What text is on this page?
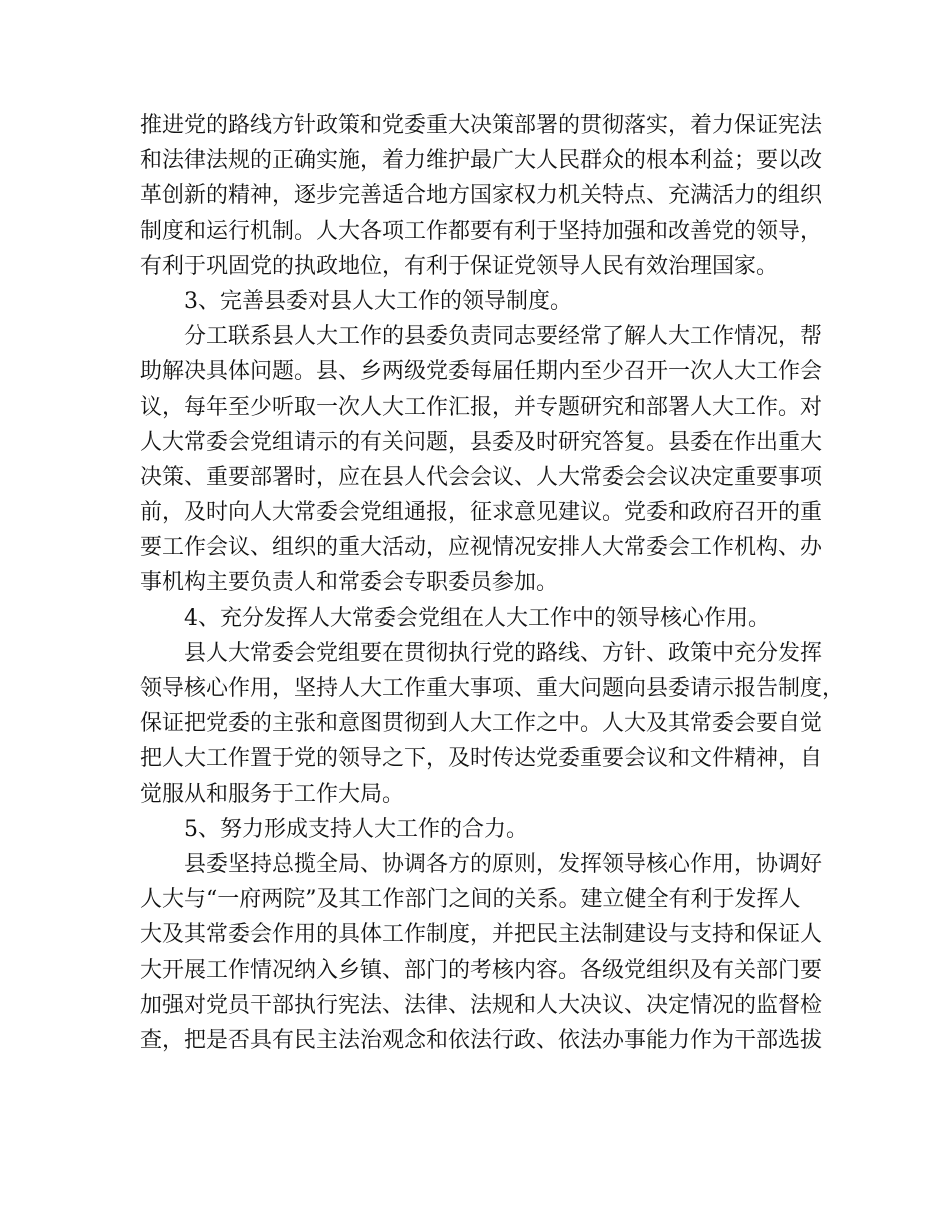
推进党的路线方针政策和党委重大决策部署的贯彻落实，着力保证宪法
和法律法规的正确实施，着力维护最广大人民群众的根本利益；要以改
革创新的精神，逐步完善适合地方国家权力机关特点、充满活力的组织
制度和运行机制。人大各项工作都要有利于坚持加强和改善党的领导，
有利于巩固党的执政地位，有利于保证党领导人民有效治理国家。
3、完善县委对县人大工作的领导制度。
分工联系县人大工作的县委负责同志要经常了解人大工作情况，帮
助解决具体问题。县、乡两级党委每届任期内至少召开一次人大工作会
议，每年至少听取一次人大工作汇报，并专题研究和部署人大工作。对
人大常委会党组请示的有关问题，县委及时研究答复。县委在作出重大
决策、重要部署时，应在县人代会会议、人大常委会会议决定重要事项
前，及时向人大常委会党组通报，征求意见建议。党委和政府召开的重
要工作会议、组织的重大活动，应视情况安排人大常委会工作机构、办
事机构主要负责人和常委会专职委员参加。
4、充分发挥人大常委会党组在人大工作中的领导核心作用。
县人大常委会党组要在贯彻执行党的路线、方针、政策中充分发挥
领导核心作用，坚持人大工作重大事项、重大问题向县委请示报告制度，
保证把党委的主张和意图贯彻到人大工作之中。人大及其常委会要自觉
把人大工作置于党的领导之下，及时传达党委重要会议和文件精神，自
觉服从和服务于工作大局。
5、努力形成支持人大工作的合力。
县委坚持总揽全局、协调各方的原则，发挥领导核心作用，协调好
人大与“一府两院”及其工作部门之间的关系。建立健全有利于发挥人
大及其常委会作用的具体工作制度，并把民主法制建设与支持和保证人
大开展工作情况纳入乡镇、部门的考核内容。各级党组织及有关部门要
加强对党员干部执行宪法、法律、法规和人大决议、决定情况的监督检
查，把是否具有民主法治观念和依法行政、依法办事能力作为干部选拔
